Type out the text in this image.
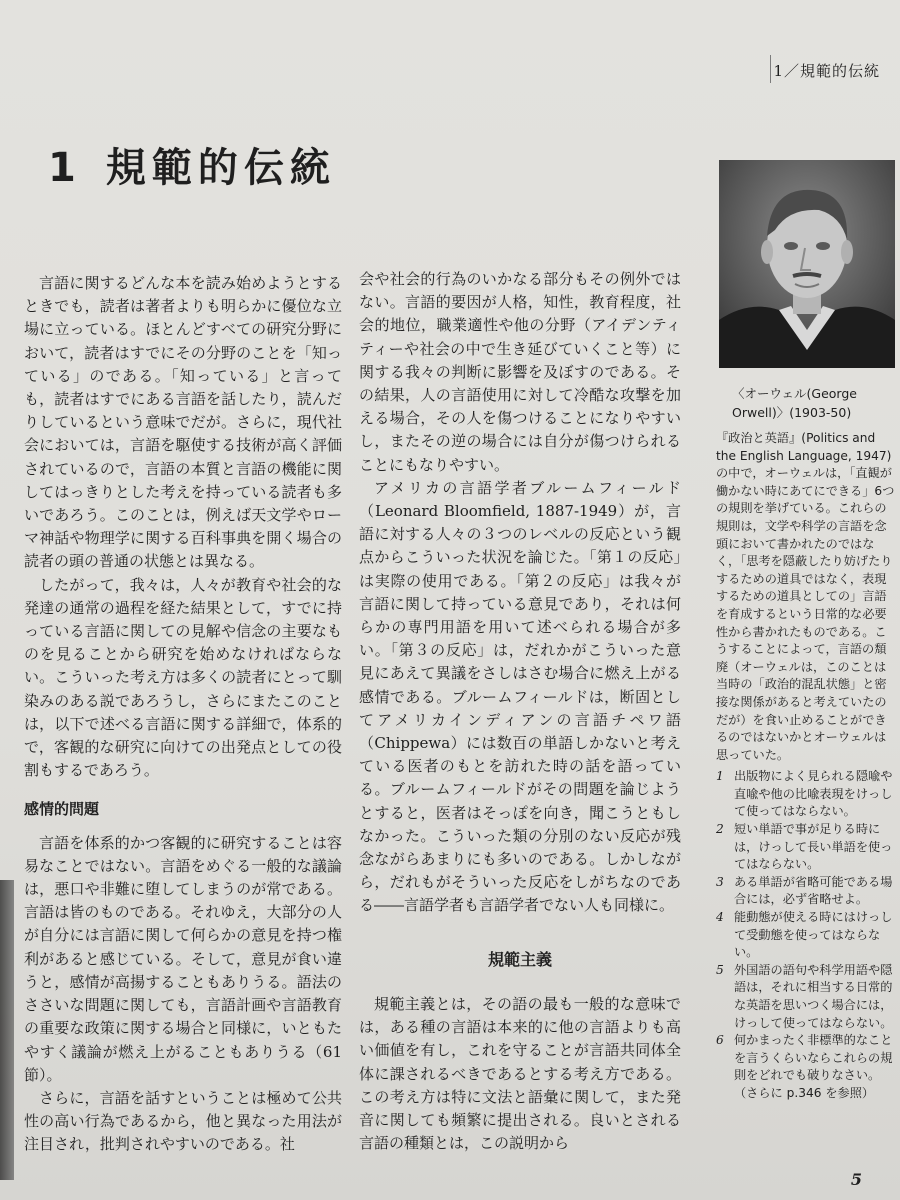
1／規範的伝統
1 規範的伝統

言語に関するどんな本を読み始めようとするときでも，読者は著者よりも明らかに優位な立場に立っている。ほとんどすべての研究分野において，読者はすでにその分野のことを「知っている」のである。「知っている」と言っても，読者はすでにある言語を話したり，読んだりしているという意味でだが。さらに，現代社会においては，言語を駆使する技術が高く評価されているので，言語の本質と言語の機能に関してはっきりとした考えを持っている読者も多いであろう。このことは，例えば天文学やローマ神話や物理学に関する百科事典を開く場合の読者の頭の普通の状態とは異なる。

したがって，我々は，人々が教育や社会的な発達の通常の過程を経た結果として，すでに持っている言語に関しての見解や信念の主要なものを見ることから研究を始めなければならない。こういった考え方は多くの読者にとって馴染みのある説であろうし，さらにまたこのことは，以下で述べる言語に関する詳細で，体系的で，客観的な研究に向けての出発点としての役割もするであろう。

感情的問題

言語を体系的かつ客観的に研究することは容易なことではない。言語をめぐる一般的な議論は，悪口や非難に堕してしまうのが常である。言語は皆のものである。それゆえ，大部分の人が自分には言語に関して何らかの意見を持つ権利があると感じている。そして，意見が食い違うと，感情が高揚することもありうる。語法のささいな問題に関しても，言語計画や言語教育の重要な政策に関する場合と同様に，いともたやすく議論が燃え上がることもありうる（61節）。

さらに，言語を話すということは極めて公共性の高い行為であるから，他と異なった用法が注目され，批判されやすいのである。社

会や社会的行為のいかなる部分もその例外ではない。言語的要因が人格，知性，教育程度，社会的地位，職業適性や他の分野（アイデンティティーや社会の中で生き延びていくこと等）に関する我々の判断に影響を及ぼすのである。その結果，人の言語使用に対して冷酷な攻撃を加える場合，その人を傷つけることになりやすいし，またその逆の場合には自分が傷つけられることにもなりやすい。

アメリカの言語学者ブルームフィールド（Leonard Bloomfield, 1887-1949）が，言語に対する人々の３つのレベルの反応という観点からこういった状況を論じた。「第１の反応」は実際の使用である。「第２の反応」は我々が言語に関して持っている意見であり，それは何らかの専門用語を用いて述べられる場合が多い。「第３の反応」は，だれかがこういった意見にあえて異議をさしはさむ場合に燃え上がる感情である。ブルームフィールドは，断固としてアメリカインディアンの言語チペワ語（Chippewa）には数百の単語しかないと考えている医者のもとを訪れた時の話を語っている。ブルームフィールドがその問題を論じようとすると，医者はそっぽを向き，聞こうともしなかった。こういった類の分別のない反応が残念ながらあまりにも多いのである。しかしながら，だれもがそういった反応をしがちなのである――言語学者も言語学者でない人も同様に。

規範主義

規範主義とは，その語の最も一般的な意味では，ある種の言語は本来的に他の言語よりも高い価値を有し，これを守ることが言語共同体全体に課されるべきであるとする考え方である。この考え方は特に文法と語彙に関して，また発音に関しても頻繁に提出される。良いとされる言語の種類とは，この説明から

〈オーウェル(George Orwell)〉(1903-50)

『政治と英語』(Politics and the English Language, 1947)の中で，オーウェルは，「直観が働かない時にあてにできる」6つの規則を挙げている。これらの規則は，文学や科学の言語を念頭において書かれたのではなく，「思考を隠蔽したり妨げたりするための道具ではなく，表現するための道具としての」言語を育成するという日常的な必要性から書かれたものである。こうすることによって，言語の頽廃（オーウェルは，このことは当時の「政治的混乱状態」と密接な関係があると考えていたのだが）を食い止めることができるのではないかとオーウェルは思っていた。

1 出版物によく見られる隠喩や直喩や他の比喩表現をけっして使ってはならない。
2 短い単語で事が足りる時には，けっして長い単語を使ってはならない。
3 ある単語が省略可能である場合には，必ず省略せよ。
4 能動態が使える時にはけっして受動態を使ってはならない。
5 外国語の語句や科学用語や隠語は，それに相当する日常的な英語を思いつく場合には，けっして使ってはならない。
6 何かまったく非標準的なことを言うくらいならこれらの規則をどれでも破りなさい。

（さらに p.346 を参照）

5
